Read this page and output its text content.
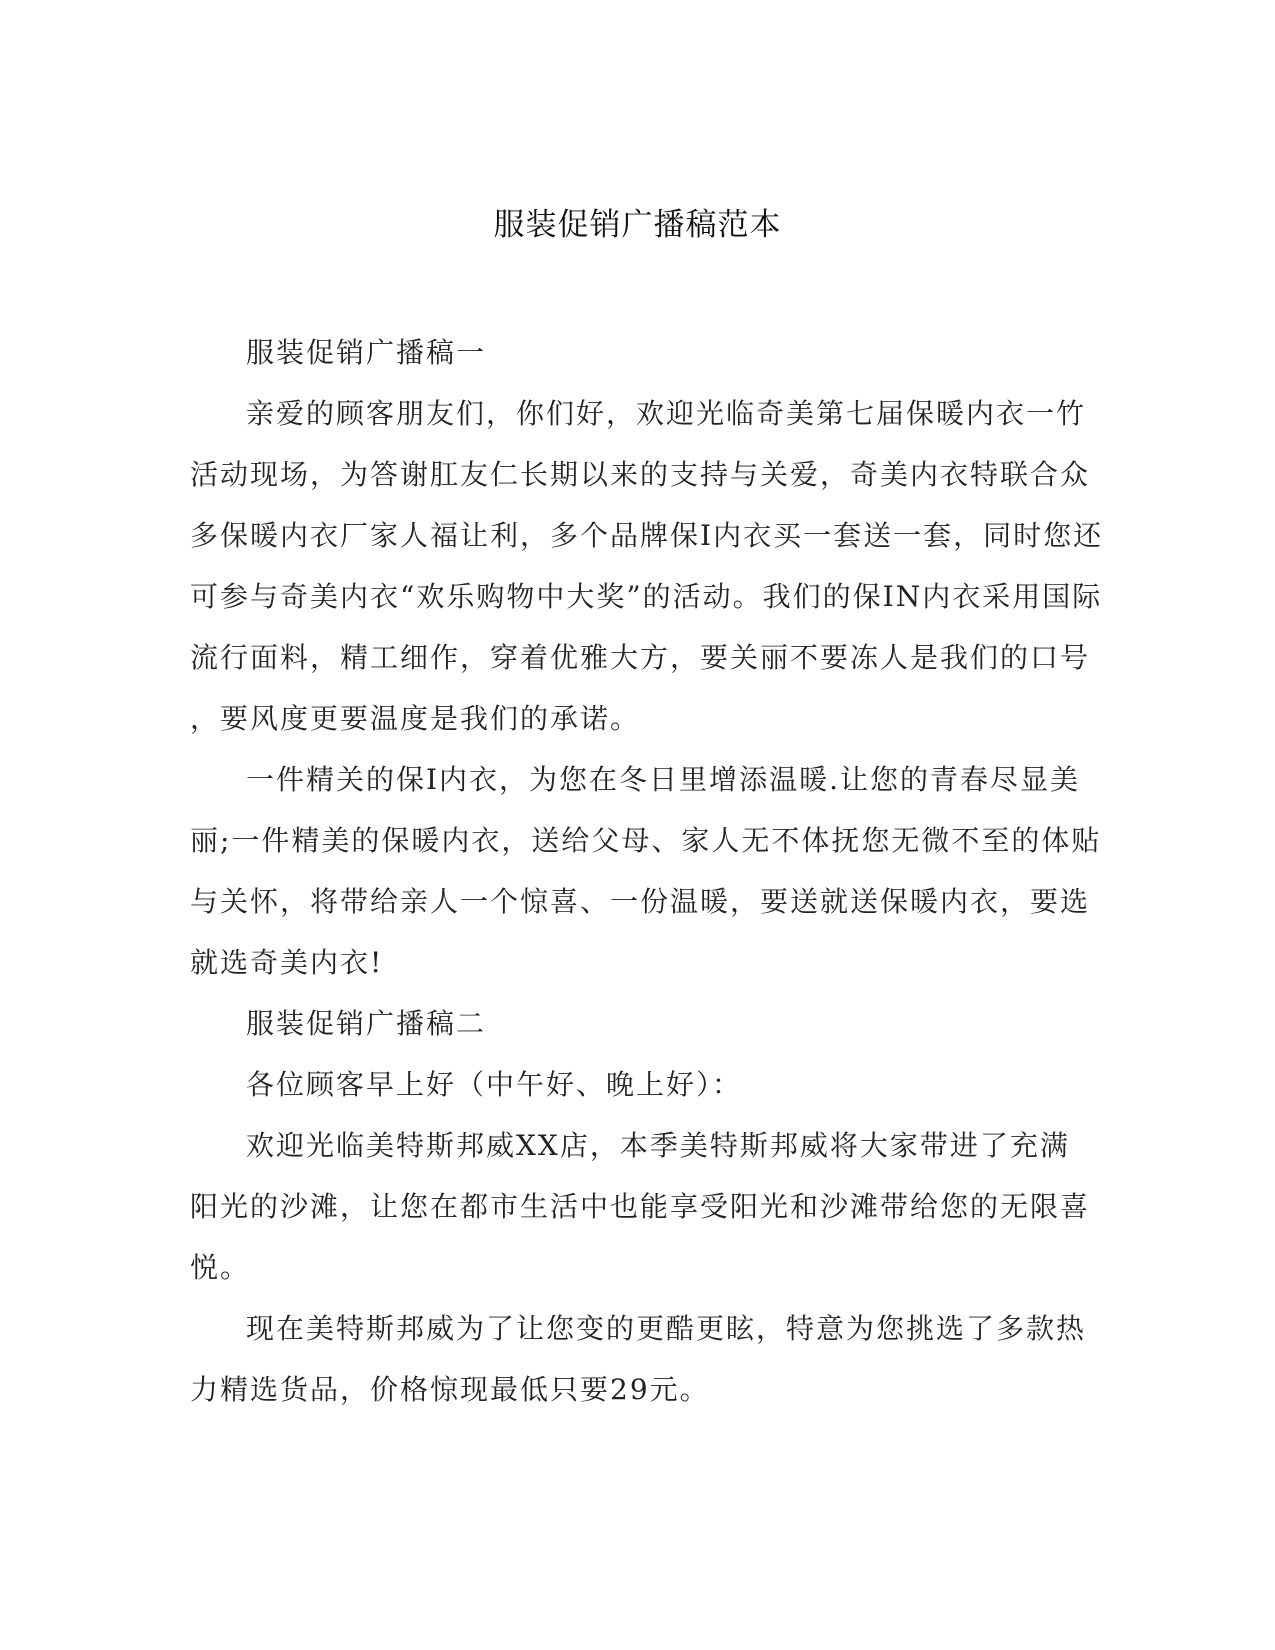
服装促销广播稿范本

服装促销广播稿一

亲爱的顾客朋友们，你们好，欢迎光临奇美第七届保暖内衣一竹
活动现场，为答谢肛友仁长期以来的支持与关爱，奇美内衣特联合众
多保暖内衣厂家人福让利，多个品牌保I内衣买一套送一套，同时您还
可参与奇美内衣“欢乐购物中大奖”的活动。我们的保IN内衣采用国际
流行面料，精工细作，穿着优雅大方，要关丽不要冻人是我们的口号
，要风度更要温度是我们的承诺。

一件精关的保I内衣，为您在冬日里增添温暖.让您的青春尽显美
丽;一件精美的保暖内衣，送给父母、家人无不体抚您无微不至的体贴
与关怀，将带给亲人一个惊喜、一份温暖，要送就送保暖内衣，要选
就选奇美内衣!

服装促销广播稿二

各位顾客早上好（中午好、晚上好）：

欢迎光临美特斯邦威XX店，本季美特斯邦威将大家带进了充满
阳光的沙滩，让您在都市生活中也能享受阳光和沙滩带给您的无限喜
悦。

现在美特斯邦威为了让您变的更酷更眩，特意为您挑选了多款热
力精选货品，价格惊现最低只要29元。
